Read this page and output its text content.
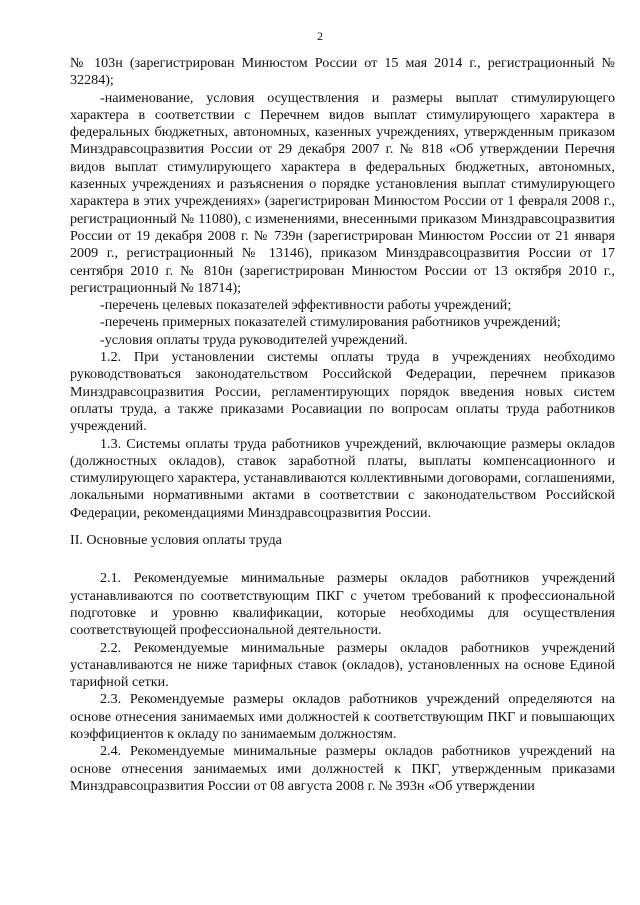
2

№ 103н (зарегистрирован Минюстом России от 15 мая 2014 г., регистрационный № 32284);

-наименование, условия осуществления и размеры выплат стимулирующего характера в соответствии с Перечнем видов выплат стимулирующего характера в федеральных бюджетных, автономных, казенных учреждениях, утвержденным приказом Минздравсоцразвития России от 29 декабря 2007 г. № 818 «Об утверждении Перечня видов выплат стимулирующего характера в федеральных бюджетных, автономных, казенных учреждениях и разъяснения о порядке установления выплат стимулирующего характера в этих учреждениях» (зарегистрирован Минюстом России от 1 февраля 2008 г., регистрационный № 11080), с изменениями, внесенными приказом Минздравсоцразвития России от 19 декабря 2008 г. № 739н (зарегистрирован Минюстом России от 21 января 2009 г., регистрационный № 13146), приказом Минздравсоцразвития России от 17 сентября 2010 г. № 810н (зарегистрирован Минюстом России от 13 октября 2010 г., регистрационный № 18714);

-перечень целевых показателей эффективности работы учреждений;

-перечень примерных показателей стимулирования работников учреждений;

-условия оплаты труда руководителей учреждений.

1.2. При установлении системы оплаты труда в учреждениях необходимо руководствоваться законодательством Российской Федерации, перечнем приказов Минздравсоцразвития России, регламентирующих порядок введения новых систем оплаты труда, а также приказами Росавиации по вопросам оплаты труда работников учреждений.

1.3. Системы оплаты труда работников учреждений, включающие размеры окладов (должностных окладов), ставок заработной платы, выплаты компенсационного и стимулирующего характера, устанавливаются коллективными договорами, соглашениями, локальными нормативными актами в соответствии с законодательством Российской Федерации, рекомендациями Минздравсоцразвития России.

II. Основные условия оплаты труда

2.1. Рекомендуемые минимальные размеры окладов работников учреждений устанавливаются по соответствующим ПКГ с учетом требований к профессиональной подготовке и уровню квалификации, которые необходимы для осуществления соответствующей профессиональной деятельности.

2.2. Рекомендуемые минимальные размеры окладов работников учреждений устанавливаются не ниже тарифных ставок (окладов), установленных на основе Единой тарифной сетки.

2.3. Рекомендуемые размеры окладов работников учреждений определяются на основе отнесения занимаемых ими должностей к соответствующим ПКГ и повышающих коэффициентов к окладу по занимаемым должностям.

2.4. Рекомендуемые минимальные размеры окладов работников учреждений на основе отнесения занимаемых ими должностей к ПКГ, утвержденным приказами Минздравсоцразвития России от 08 августа 2008 г. № 393н «Об утверждении
